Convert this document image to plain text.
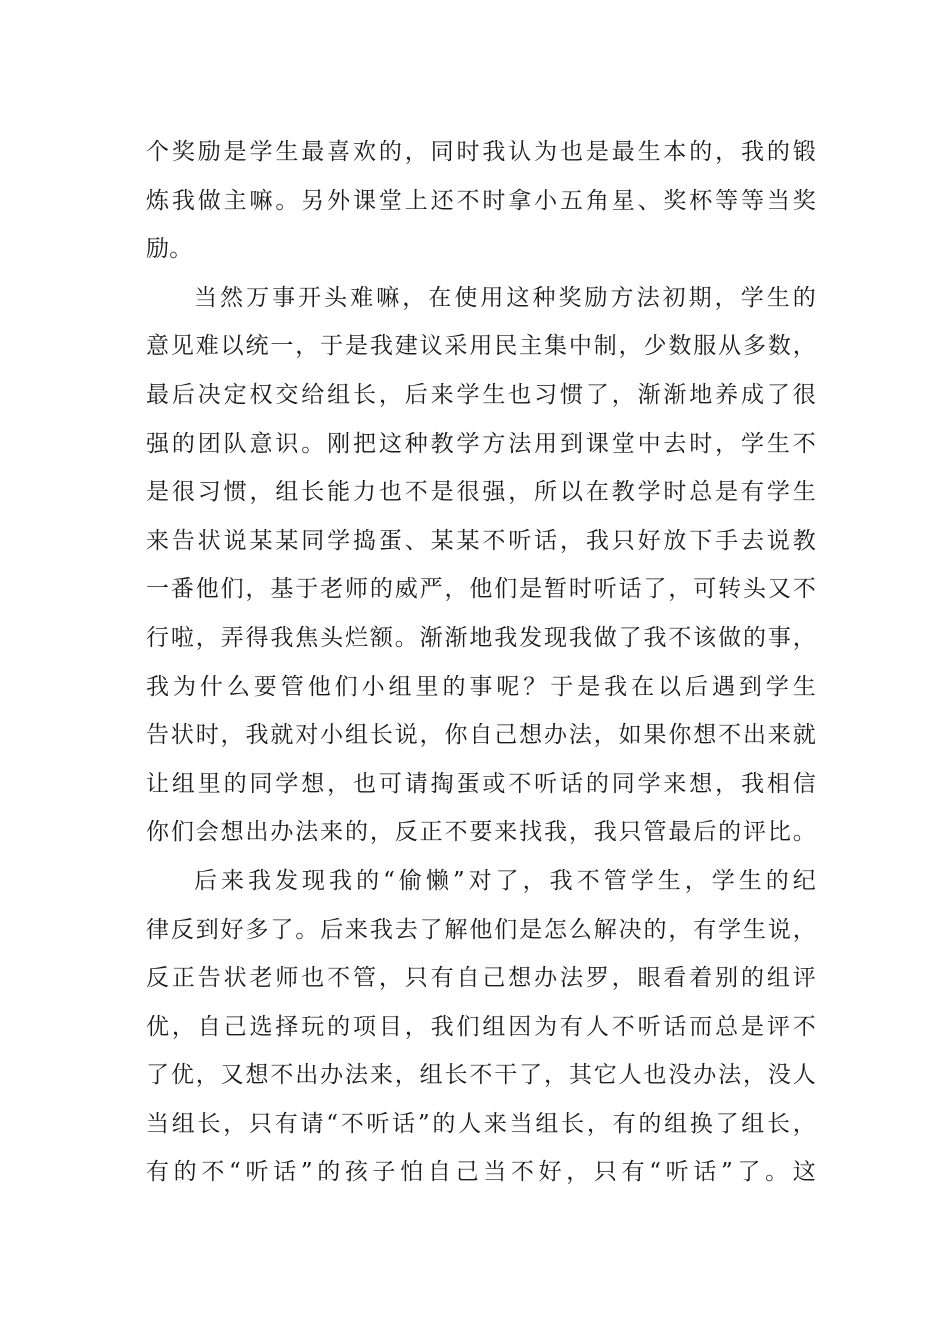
个奖励是学生最喜欢的，同时我认为也是最生本的，我的锻
炼我做主嘛。另外课堂上还不时拿小五角星、奖杯等等当奖
励。
当然万事开头难嘛，在使用这种奖励方法初期，学生的
意见难以统一，于是我建议采用民主集中制，少数服从多数，
最后决定权交给组长，后来学生也习惯了，渐渐地养成了很
强的团队意识。刚把这种教学方法用到课堂中去时，学生不
是很习惯，组长能力也不是很强，所以在教学时总是有学生
来告状说某某同学捣蛋、某某不听话，我只好放下手去说教
一番他们，基于老师的威严，他们是暂时听话了，可转头又不
行啦，弄得我焦头烂额。渐渐地我发现我做了我不该做的事，
我为什么要管他们小组里的事呢？于是我在以后遇到学生
告状时，我就对小组长说，你自己想办法，如果你想不出来就
让组里的同学想，也可请掏蛋或不听话的同学来想，我相信
你们会想出办法来的，反正不要来找我，我只管最后的评比。
后来我发现我的“偷懒”对了，我不管学生，学生的纪
律反到好多了。后来我去了解他们是怎么解决的，有学生说，
反正告状老师也不管，只有自己想办法罗，眼看着别的组评
优，自己选择玩的项目，我们组因为有人不听话而总是评不
了优，又想不出办法来，组长不干了，其它人也没办法，没人
当组长，只有请“不听话”的人来当组长，有的组换了组长，
有的不“听话”的孩子怕自己当不好，只有“听话”了。这
